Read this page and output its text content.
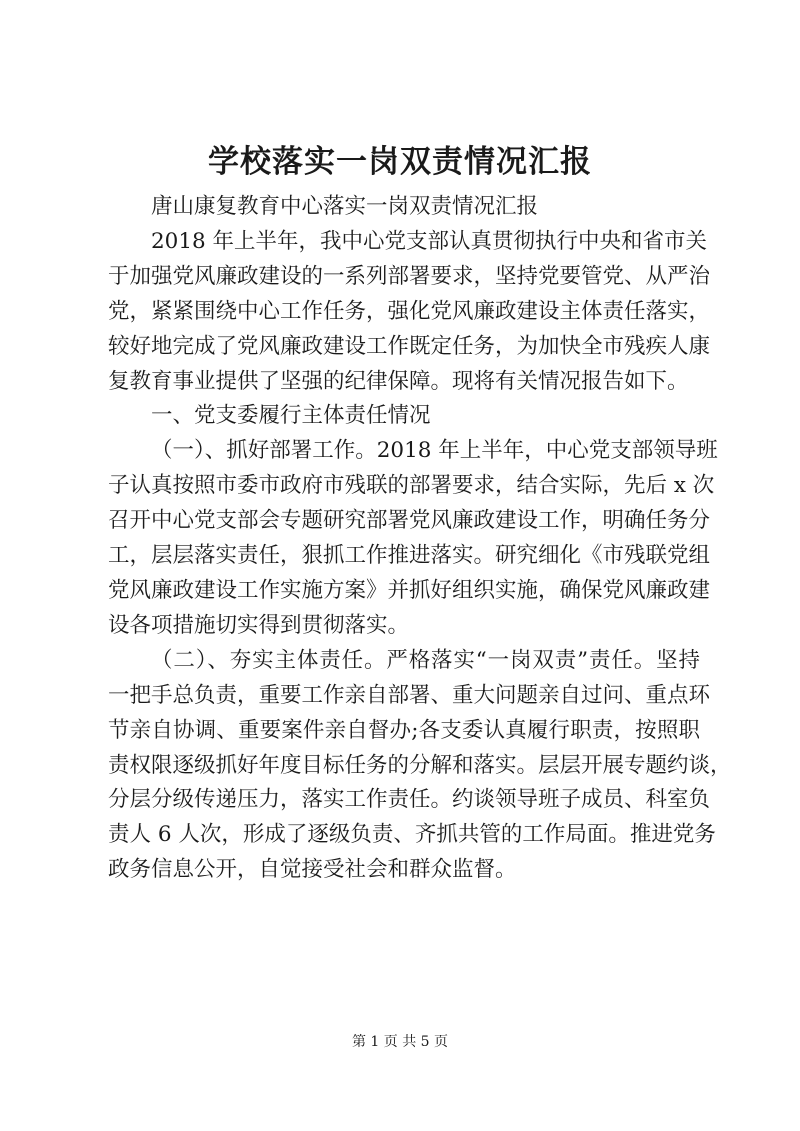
学校落实一岗双责情况汇报
唐山康复教育中心落实一岗双责情况汇报
2018 年上半年，我中心党支部认真贯彻执行中央和省市关
于加强党风廉政建设的一系列部署要求，坚持党要管党、从严治
党，紧紧围绕中心工作任务，强化党风廉政建设主体责任落实，
较好地完成了党风廉政建设工作既定任务，为加快全市残疾人康
复教育事业提供了坚强的纪律保障。现将有关情况报告如下。
一、党支委履行主体责任情况
（一）、抓好部署工作。2018 年上半年，中心党支部领导班
子认真按照市委市政府市残联的部署要求，结合实际，先后 x 次
召开中心党支部会专题研究部署党风廉政建设工作，明确任务分
工，层层落实责任，狠抓工作推进落实。研究细化《市残联党组
党风廉政建设工作实施方案》并抓好组织实施，确保党风廉政建
设各项措施切实得到贯彻落实。
（二）、夯实主体责任。严格落实“一岗双责”责任。坚持
一把手总负责，重要工作亲自部署、重大问题亲自过问、重点环
节亲自协调、重要案件亲自督办;各支委认真履行职责，按照职
责权限逐级抓好年度目标任务的分解和落实。层层开展专题约谈，
分层分级传递压力，落实工作责任。约谈领导班子成员、科室负
责人 6 人次，形成了逐级负责、齐抓共管的工作局面。推进党务
政务信息公开，自觉接受社会和群众监督。
第 1 页 共 5 页
